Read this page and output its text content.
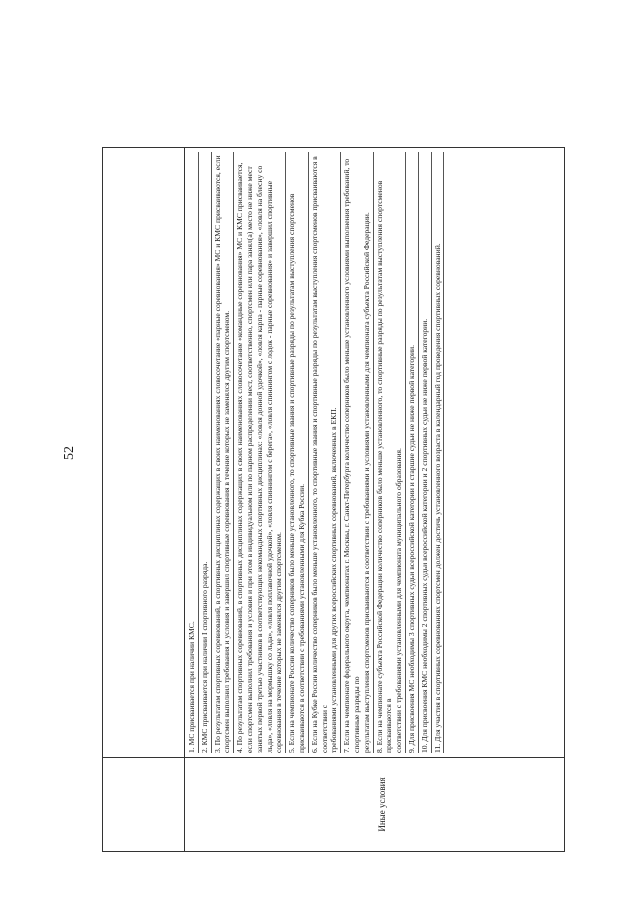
52
Иные условия

1. МС присваивается при наличии КМС. 2. КМС присваивается при наличии I спортивного разряда. 3. По результатам спортивных соревнований, в спортивных дисциплинах содержащих в своих наименованиях словосочетание «парные соревнования» МС и КМС присваиваются, если спортсмен выполнил требования и условия и завершил спортивные соревнования в течение которых не заменялся другим спортсменом. 4. По результатам спортивных соревнований, в спортивных дисциплинах содержащих в своих наименованиях словосочетание «командные соревнования» МС и КМС присваивается, если спортсмен выполнил требования и условия и при этом в индивидуальном или по парном распределении мест, соответственно, спортсмен или пара занял(а) место не ниже мест занятых первой третью участников в соответствующих некомандных спортивных дисциплинах: «ловля донной удочкой», «ловля карпа - парные соревнования», «ловля на блесну со льда», «ловля на мормышку со льда», «ловля поплавочной удочкой», «ловля спиннингом с берега», «ловля спиннингом с лодок - парные соревнования» и завершил спортивные соревнования в течение которых не заменялся другим спортсменом. 5. Если на чемпионате России количество соперников было меньше установленного, то спортивные звания и спортивные разряды по результатам выступления спортсменов присваиваются в соответствии с требованиями установленными для Кубка России. 6. Если на Кубке России количество соперников было меньше установленного, то спортивные звания и спортивные разряды по результатам выступления спортсменов присваиваются в соответствии с требованиями установленными для других всероссийских спортивных соревнований, включенных в ЕКП. 7. Если на чемпионате федерального округа, чемпионатах г. Москвы, г. Санкт-Петербурга количество соперников было меньше установленного условиями выполнения требований, то спортивные разряды по результатам выступления спортсменов присваиваются в соответствии с требованиями и условиями установленными для чемпионата субъекта Российской Федерации. 8. Если на чемпионате субъекта Российской Федерации количество соперников было меньше установленного, то спортивные разряды по результатам выступления спортсменов присваиваются в соответствии с требованиями установленными для чемпионата муниципального образования. 9. Для присвоения МС необходимы 3 спортивных судьи всероссийской категории и старшие судьи не ниже первой категории. 10. Для присвоения КМС необходимы 2 спортивных судьи всероссийской категории и 2 спортивных судьи не ниже первой категории. 11. Для участия в спортивных соревнованиях спортсмен должен достичь установленного возраста в календарный год проведения спортивных соревнований.
